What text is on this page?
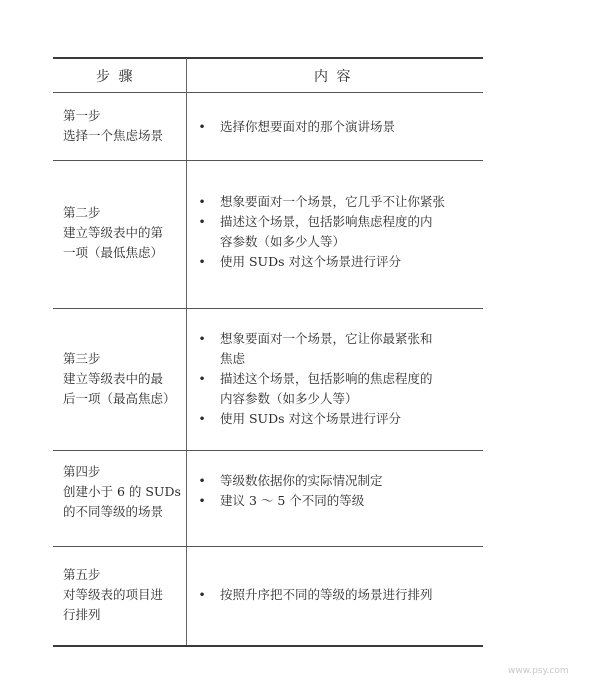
步 骤	内 容
第一步
选择一个焦虑场景
• 选择你想要面对的那个演讲场景
第二步
建立等级表中的第
一项（最低焦虑）
• 想象要面对一个场景，它几乎不让你紧张
• 描述这个场景，包括影响焦虑程度的内
容参数（如多少人等）
• 使用 SUDs 对这个场景进行评分
第三步
建立等级表中的最
后一项（最高焦虑）
• 想象要面对一个场景，它让你最紧张和
焦虑
• 描述这个场景，包括影响的焦虑程度的
内容参数（如多少人等）
• 使用 SUDs 对这个场景进行评分
第四步
创建小于 6 的 SUDs
的不同等级的场景
• 等级数依据你的实际情况制定
• 建议 3 ～ 5 个不同的等级
第五步
对等级表的项目进
行排列
• 按照升序把不同的等级的场景进行排列
www.psy.com
